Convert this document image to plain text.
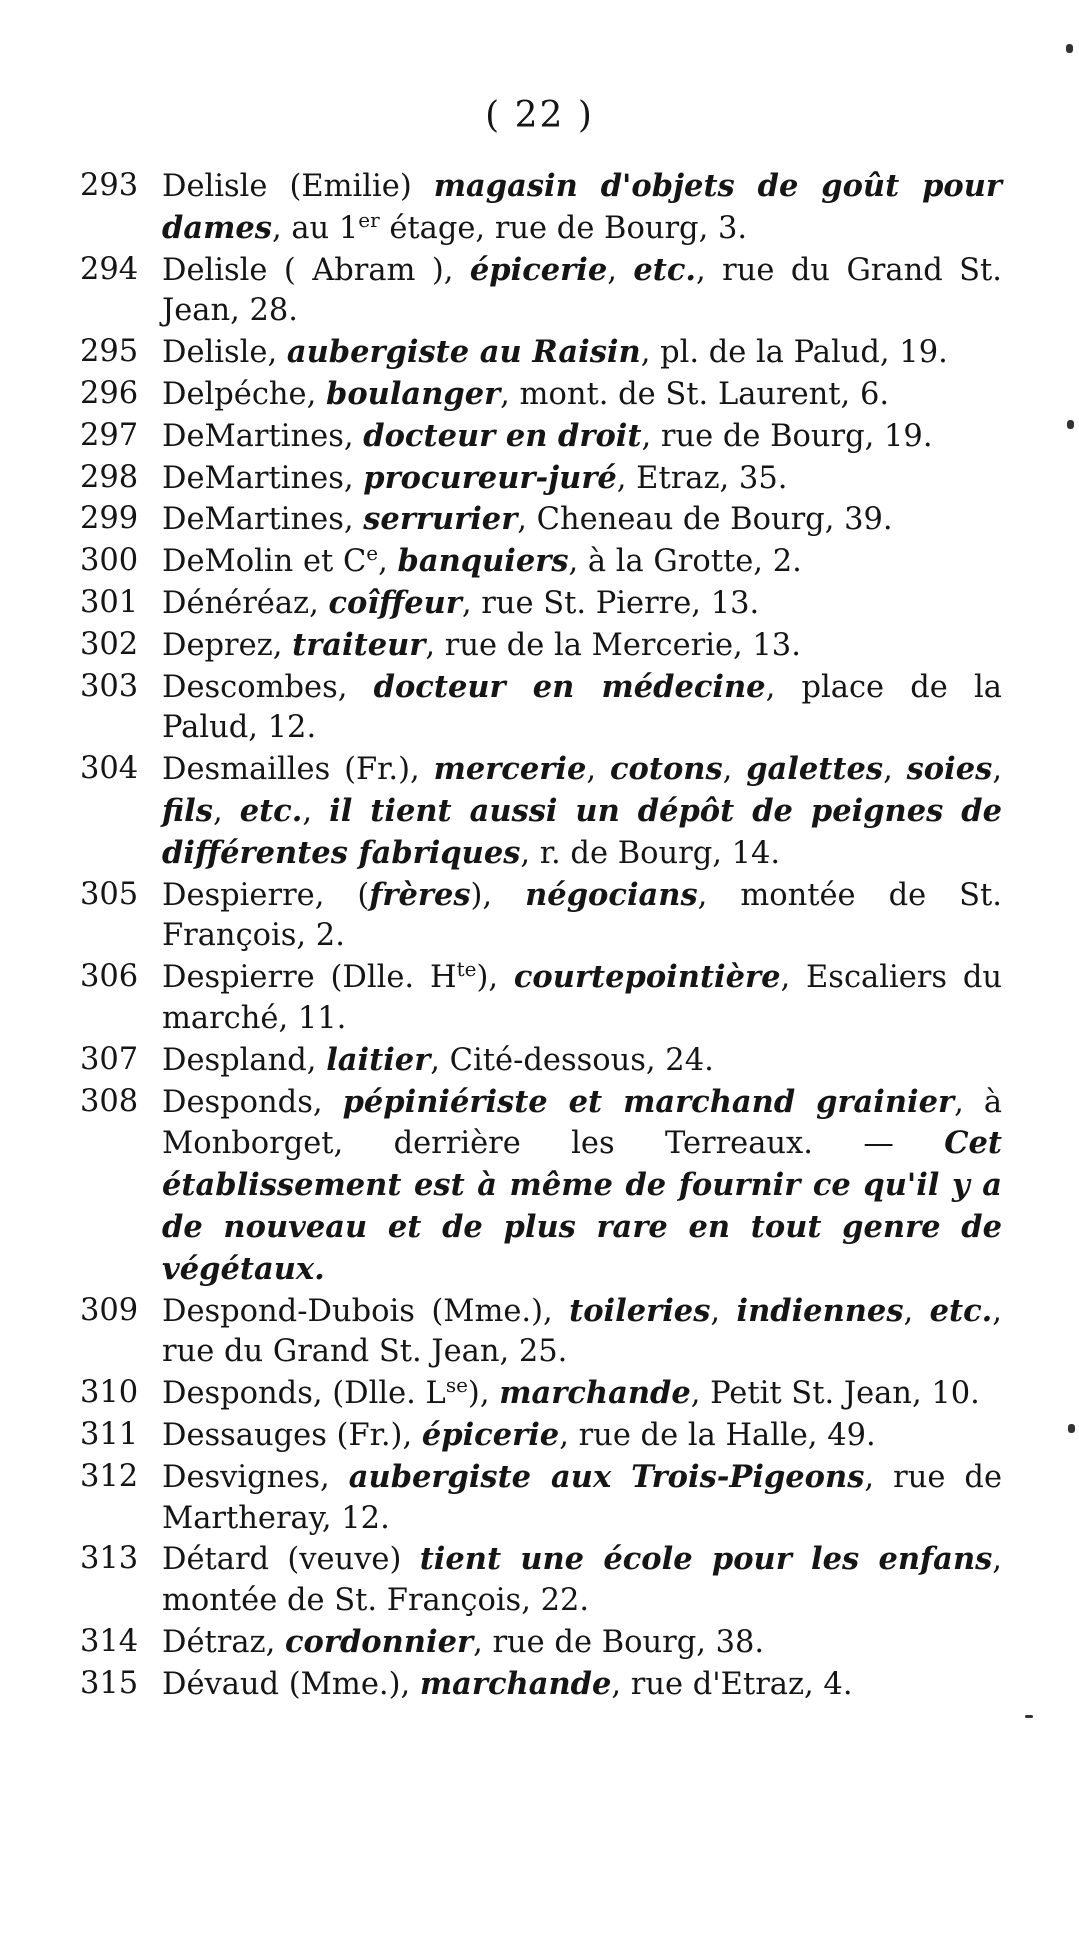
( 22 )

293 Delisle (Emilie) magasin d'objets de goût pour dames, au 1er étage, rue de Bourg, 3.

294 Delisle ( Abram ), épicerie, etc., rue du Grand St. Jean, 28.

295 Delisle, aubergiste au Raisin, pl. de la Palud, 19.

296 Delpéche, boulanger, mont. de St. Laurent, 6.

297 DeMartines, docteur en droit, rue de Bourg, 19.

298 DeMartines, procureur-juré, Etraz, 35.

299 DeMartines, serrurier, Cheneau de Bourg, 39.

300 DeMolin et Ce, banquiers, à la Grotte, 2.

301 Dénéréaz, coîffeur, rue St. Pierre, 13.

302 Deprez, traiteur, rue de la Mercerie, 13.

303 Descombes, docteur en médecine, place de la Palud, 12.

304 Desmailles (Fr.), mercerie, cotons, galettes, soies, fils, etc., il tient aussi un dépôt de peignes de différentes fabriques, r. de Bourg, 14.

305 Despierre, (frères), négocians, montée de St. François, 2.

306 Despierre (Dlle. $H^{te}$), courtepointière, Escaliers du marché, 11.

307 Despland, laitier, Cité-dessous, 24.

308 Desponds, pépiniériste et marchand grainier, à Monborget, derrière les Terreaux. — Cet établissement est à même de fournir ce qu'il y a de nouveau et de plus rare en tout genre de végétaux.

309 Despond-Dubois (Mme.), toileries, indiennes, etc., rue du Grand St. Jean, 25.

310 Desponds, (Dlle. $L^{se}$), marchande, Petit St. Jean, 10.

311 Dessauges (Fr.), épicerie, rue de la Halle, 49.

312 Desvignes, aubergiste aux Trois-Pigeons, rue de Martheray, 12.

313 Détard (veuve) tient une école pour les enfans, montée de St. François, 22.

314 Détraz, cordonnier, rue de Bourg, 38.

315 Dévaud (Mme.), marchande, rue d'Etraz, 4.
